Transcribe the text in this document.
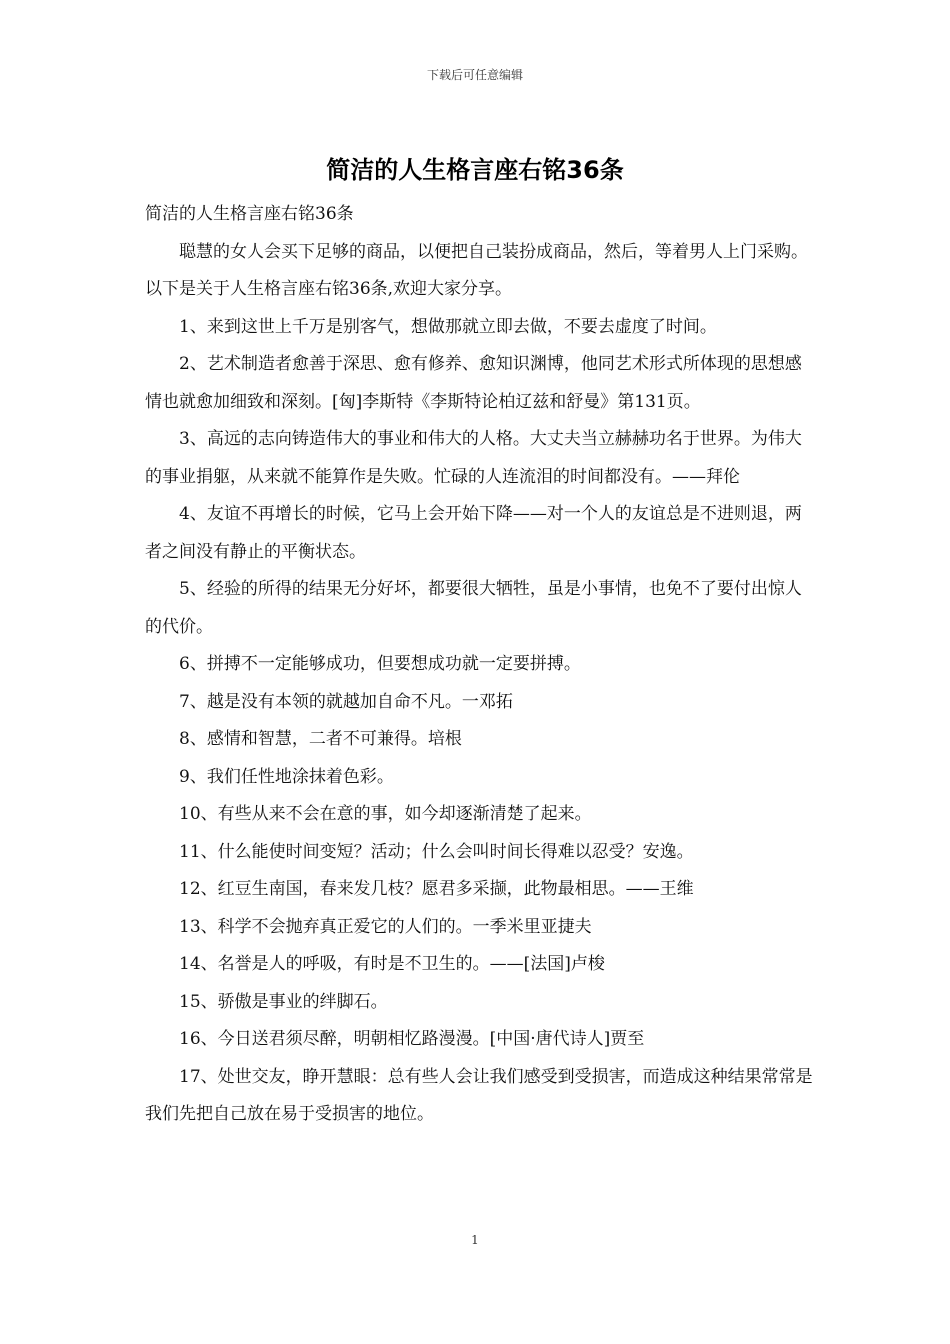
下载后可任意编辑
简洁的人生格言座右铭36条

简洁的人生格言座右铭36条

聪慧的女人会买下足够的商品，以便把自己装扮成商品，然后，等着男人上门采购。以下是关于人生格言座右铭36条,欢迎大家分享。

1、来到这世上千万是别客气，想做那就立即去做，不要去虚度了时间。

2、艺术制造者愈善于深思、愈有修养、愈知识渊博，他同艺术形式所体现的思想感情也就愈加细致和深刻。[匈]李斯特《李斯特论柏辽兹和舒曼》第131页。

3、高远的志向铸造伟大的事业和伟大的人格。大丈夫当立赫赫功名于世界。为伟大的事业捐躯，从来就不能算作是失败。忙碌的人连流泪的时间都没有。——拜伦

4、友谊不再增长的时候，它马上会开始下降——对一个人的友谊总是不进则退，两者之间没有静止的平衡状态。

5、经验的所得的结果无分好坏，都要很大牺牲，虽是小事情，也免不了要付出惊人的代价。

6、拼搏不一定能够成功，但要想成功就一定要拼搏。

7、越是没有本领的就越加自命不凡。一邓拓

8、感情和智慧，二者不可兼得。培根

9、我们任性地涂抹着色彩。

10、有些从来不会在意的事，如今却逐渐清楚了起来。

11、什么能使时间变短？活动；什么会叫时间长得难以忍受？安逸。

12、红豆生南国，春来发几枝？愿君多采撷，此物最相思。——王维

13、科学不会抛弃真正爱它的人们的。一季米里亚捷夫

14、名誉是人的呼吸，有时是不卫生的。——[法国]卢梭

15、骄傲是事业的绊脚石。

16、今日送君须尽醉，明朝相忆路漫漫。[中国·唐代诗人]贾至

17、处世交友，睁开慧眼：总有些人会让我们感受到受损害，而造成这种结果常常是我们先把自己放在易于受损害的地位。

1
